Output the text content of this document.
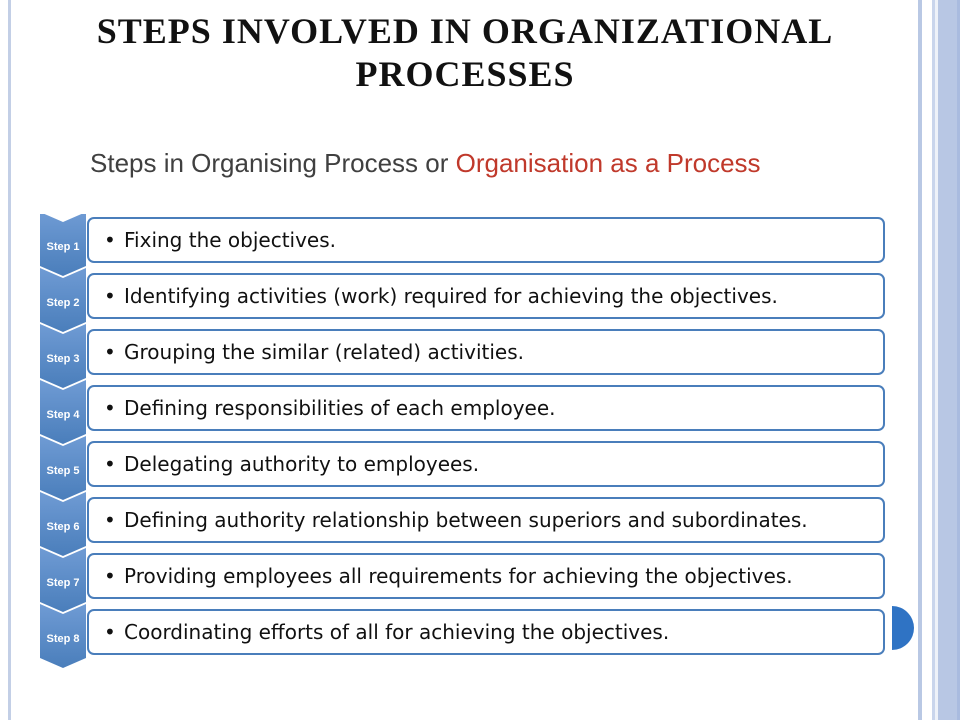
STEPS INVOLVED IN ORGANIZATIONAL
PROCESSES
Steps in Organising Process or Organisation as a Process
Step 1 • Fixing the objectives.
Step 2 • Identifying activities (work) required for achieving the objectives.
Step 3 • Grouping the similar (related) activities.
Step 4 • Defining responsibilities of each employee.
Step 5 • Delegating authority to employees.
Step 6 • Defining authority relationship between superiors and subordinates.
Step 7 • Providing employees all requirements for achieving the objectives.
Step 8 • Coordinating efforts of all for achieving the objectives.
